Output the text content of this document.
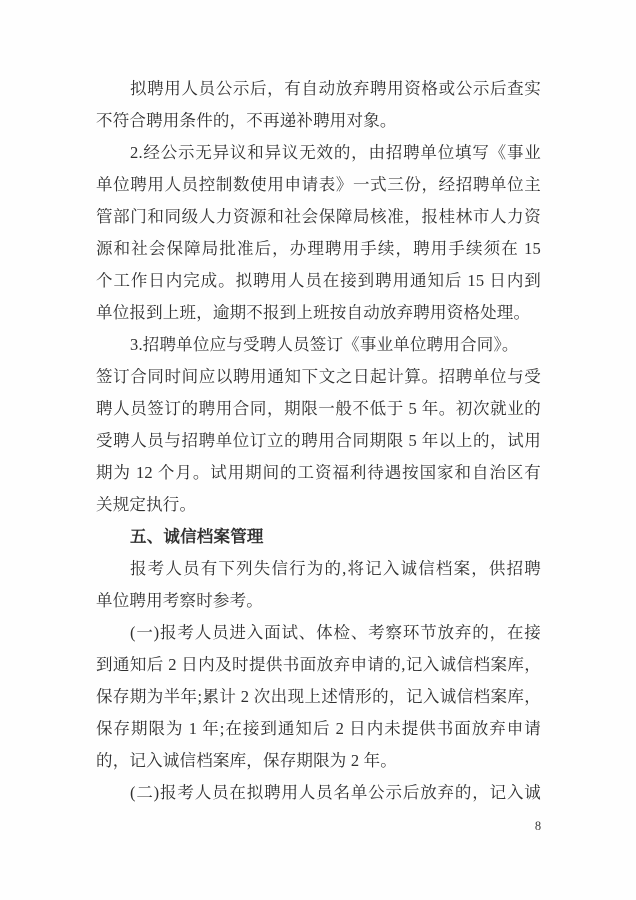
拟聘用人员公示后，有自动放弃聘用资格或公示后查实
不符合聘用条件的，不再递补聘用对象。
2.经公示无异议和异议无效的，由招聘单位填写《事业
单位聘用人员控制数使用申请表》一式三份，经招聘单位主
管部门和同级人力资源和社会保障局核准，报桂林市人力资
源和社会保障局批准后，办理聘用手续，聘用手续须在 15
个工作日内完成。拟聘用人员在接到聘用通知后 15 日内到
单位报到上班，逾期不报到上班按自动放弃聘用资格处理。
3.招聘单位应与受聘人员签订《事业单位聘用合同》。
签订合同时间应以聘用通知下文之日起计算。招聘单位与受
聘人员签订的聘用合同，期限一般不低于 5 年。初次就业的
受聘人员与招聘单位订立的聘用合同期限 5 年以上的，试用
期为 12 个月。试用期间的工资福利待遇按国家和自治区有
关规定执行。
五、诚信档案管理
报考人员有下列失信行为的,将记入诚信档案，供招聘
单位聘用考察时参考。
(一)报考人员进入面试、体检、考察环节放弃的，在接
到通知后 2 日内及时提供书面放弃申请的,记入诚信档案库，
保存期为半年;累计 2 次出现上述情形的，记入诚信档案库，
保存期限为 1 年;在接到通知后 2 日内未提供书面放弃申请
的，记入诚信档案库，保存期限为 2 年。
(二)报考人员在拟聘用人员名单公示后放弃的，记入诚
8
